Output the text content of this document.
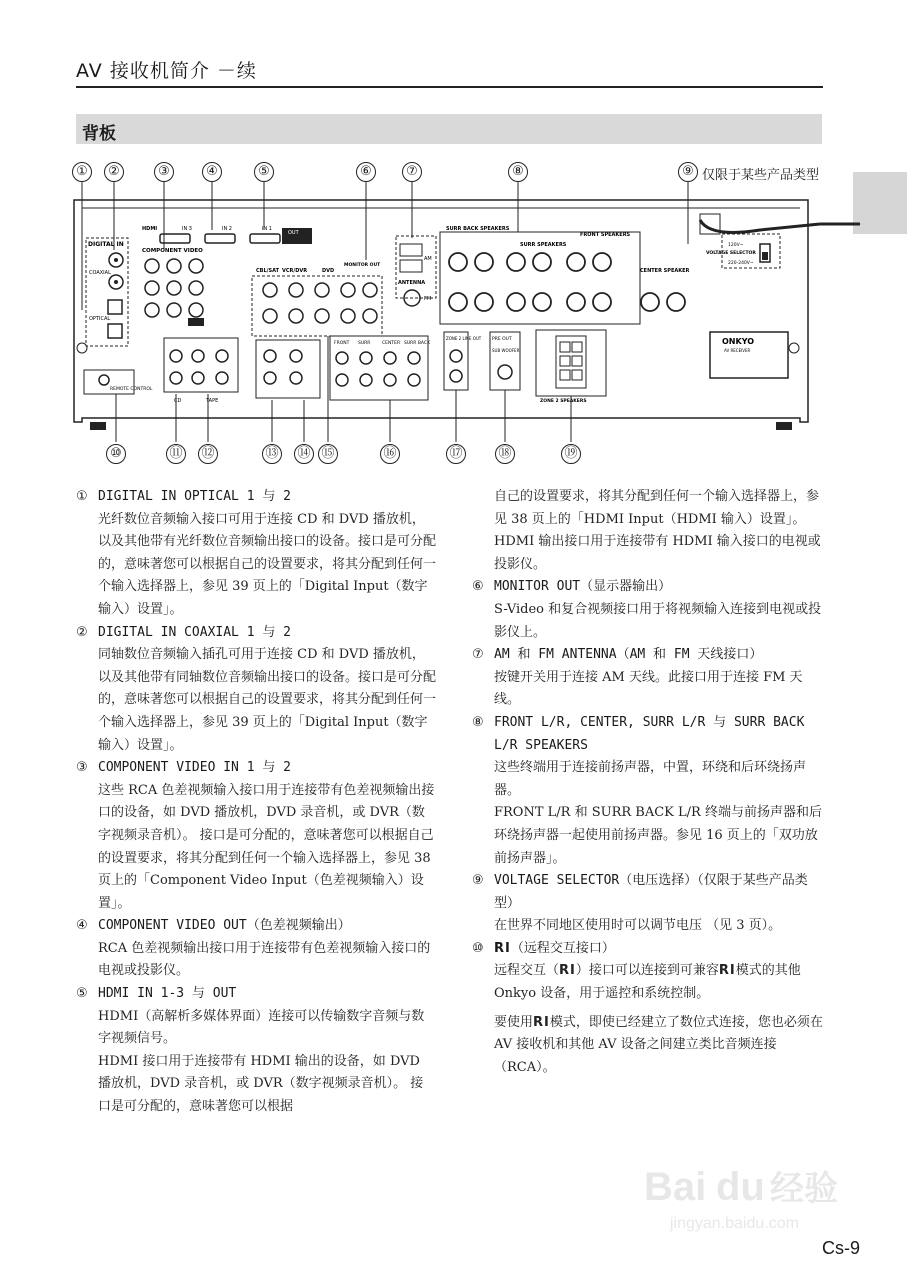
AV 接收机简介 －续
背板
DIGITAL IN
COAXIAL
OPTICAL
HDMI	IN 3	IN 2	IN 1
OUT
COMPONENT VIDEO
CD	TAPE
REMOTE CONTROL
CBL/SAT VCR/DVR	DVD
MONITOR OUT
FRONT SURR	CENTER SURR BACK
AM
ANTENNA
FM
SURR BACK SPEAKERS
SURR SPEAKERS
FRONT SPEAKERS
CENTER SPEAKER
ZONE 2 LINE OUT PRE OUT
SUB WOOFER
ZONE 2 SPEAKERS
120V~
VOLTAGE SELECTOR
220-240V~
ONKYO
AV RECEIVER
①	②	③	④	⑤	⑥	⑦	⑧	⑨ 仅限于某些产品类型
⑩	⑪ ⑫	⑬ ⑭ ⑮	⑯	⑰	⑱	⑲
① DIGITAL IN OPTICAL 1 与 2
光纤数位音频输入接口可用于连接 CD 和 DVD 播放机，以及其他带有光纤数位音频输出接口的设备。接口是可分配的，意味著您可以根据自己的设置要求，将其分配到任何一个输入选择器上，参见 39 页上的「Digital Input（数字输入）设置」。
② DIGITAL IN COAXIAL 1 与 2
同轴数位音频输入插孔可用于连接 CD 和 DVD 播放机，以及其他带有同轴数位音频输出接口的设备。接口是可分配的，意味著您可以根据自己的设置要求，将其分配到任何一个输入选择器上，参见 39 页上的「Digital Input（数字输入）设置」。
③ COMPONENT VIDEO IN 1 与 2
这些 RCA 色差视频输入接口用于连接带有色差视频输出接口的设备，如 DVD 播放机，DVD 录音机，或 DVR（数字视频录音机）。 接口是可分配的，意味著您可以根据自己的设置要求，将其分配到任何一个输入选择器上，参见 38 页上的「Component Video Input（色差视频输入）设置」。
④ COMPONENT VIDEO OUT（色差视频输出）
RCA 色差视频输出接口用于连接带有色差视频输入接口的电视或投影仪。
⑤ HDMI IN 1-3 与 OUT
HDMI（高解析多媒体界面）连接可以传输数字音频与数字视频信号。
HDMI 接口用于连接带有 HDMI 输出的设备，如 DVD 播放机，DVD 录音机，或 DVR（数字视频录音机）。 接口是可分配的，意味著您可以根据
自己的设置要求，将其分配到任何一个输入选择器上，参见 38 页上的「HDMI Input（HDMI 输入）设置」。
HDMI 输出接口用于连接带有 HDMI 输入接口的电视或投影仪。
⑥ MONITOR OUT（显示器输出）
S-Video 和复合视频接口用于将视频输入连接到电视或投影仪上。
⑦ AM 和 FM ANTENNA（AM 和 FM 天线接口）
按键开关用于连接 AM 天线。此接口用于连接 FM 天线。
⑧ FRONT L/R, CENTER, SURR L/R 与 SURR BACK L/R SPEAKERS
这些终端用于连接前扬声器，中置，环绕和后环绕扬声器。
FRONT L/R 和 SURR BACK L/R 终端与前扬声器和后环绕扬声器一起使用前扬声器。参见 16 页上的「双功放前扬声器」。
⑨ VOLTAGE SELECTOR（电压选择）（仅限于某些产品类型）
在世界不同地区使用时可以调节电压 （见 3 页）。
⑩ RI（远程交互接口）
远程交互（RI）接口可以连接到可兼容RI模式的其他 Onkyo 设备，用于遥控和系统控制。
要使用RI模式，即使已经建立了数位式连接，您也必须在 AV 接收机和其他 AV 设备之间建立类比音频连接（RCA）。
Bai du 经验
jingyan.baidu.com
Cs-9
